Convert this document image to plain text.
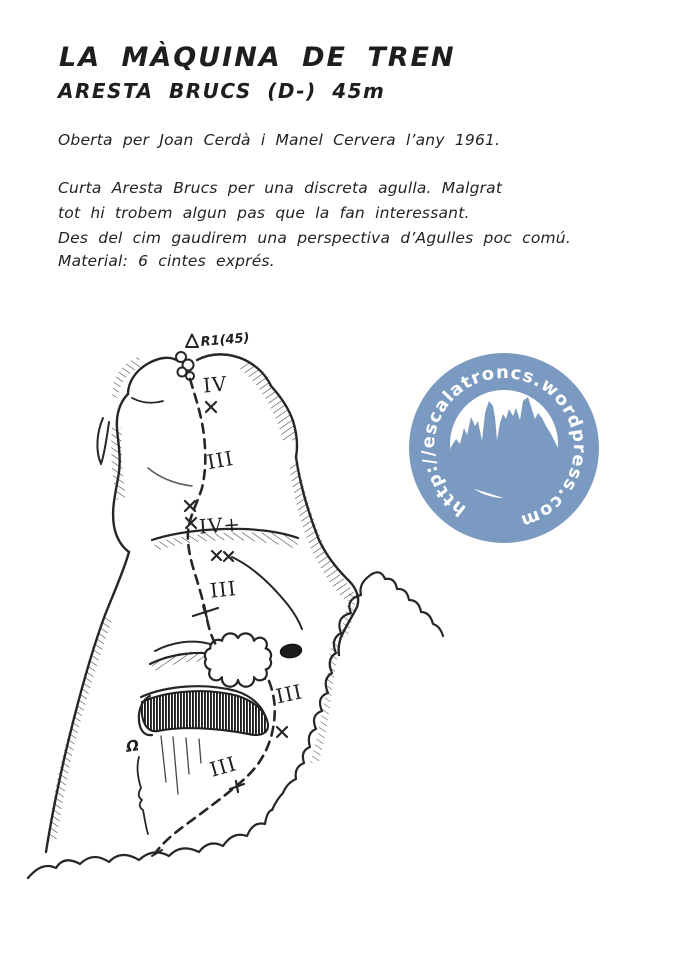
LA MÀQUINA DE TREN
ARESTA BRUCS (D-) 45m
Oberta per Joan Cerdà i Manel Cervera l’any 1961.
Curta Aresta Brucs per una discreta agulla. Malgrat
tot hi trobem algun pas que la fan interessant.
Des del cim gaudirem una perspectiva d’Agulles poc comú.
Material: 6 cintes exprés.
R1(45)
IV
III
IV+
III
III
III
Ω
http://escalatroncs.wordpress.com
